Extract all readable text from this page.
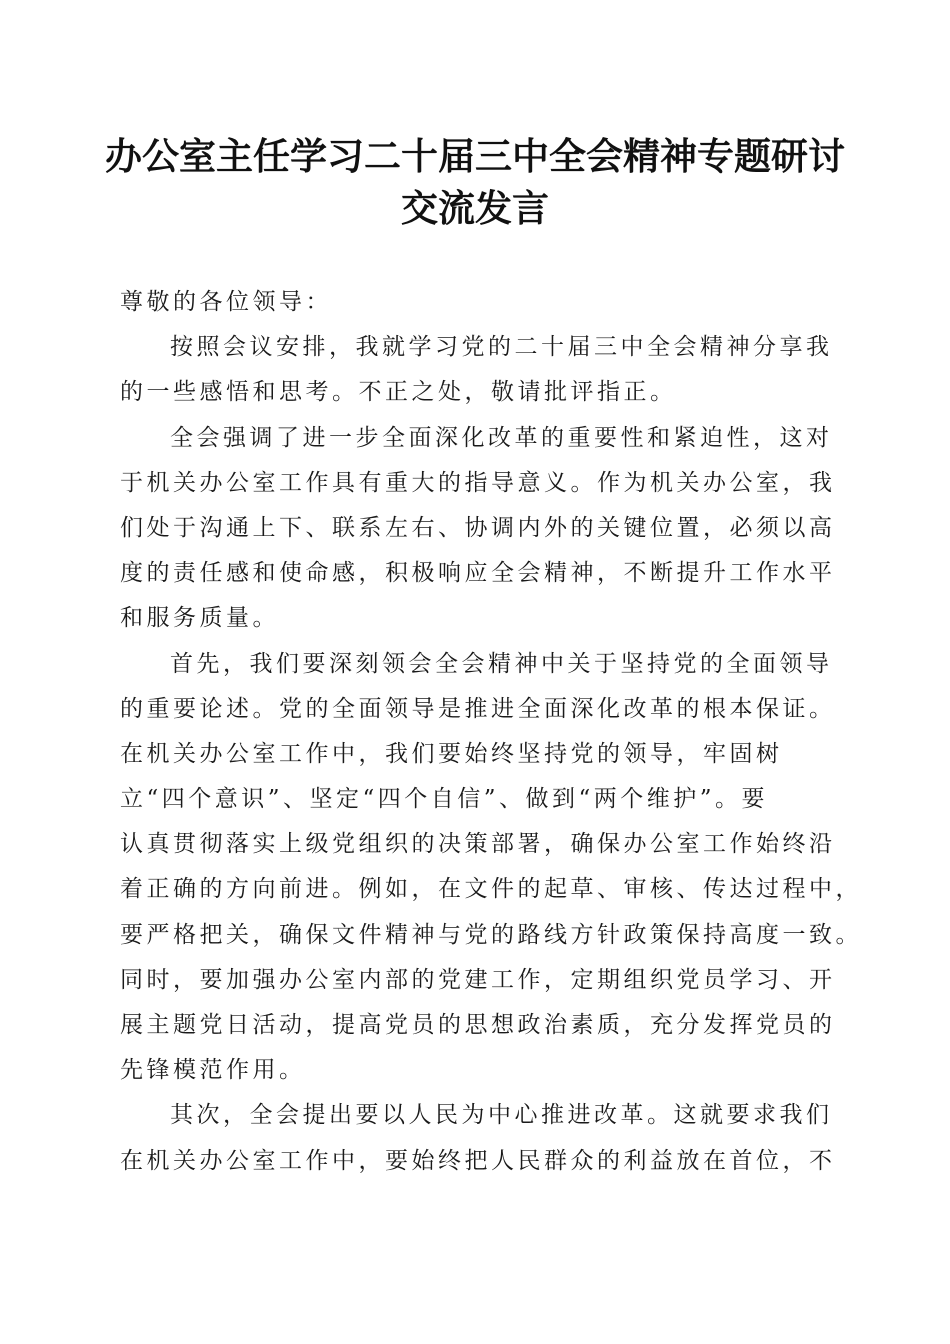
办公室主任学习二十届三中全会精神专题研讨
交流发言
尊敬的各位领导：
按照会议安排，我就学习党的二十届三中全会精神分享我
的一些感悟和思考。不正之处，敬请批评指正。
全会强调了进一步全面深化改革的重要性和紧迫性，这对
于机关办公室工作具有重大的指导意义。作为机关办公室，我
们处于沟通上下、联系左右、协调内外的关键位置，必须以高
度的责任感和使命感，积极响应全会精神，不断提升工作水平
和服务质量。
首先，我们要深刻领会全会精神中关于坚持党的全面领导
的重要论述。党的全面领导是推进全面深化改革的根本保证。
在机关办公室工作中，我们要始终坚持党的领导，牢固树
立“四个意识”、坚定“四个自信”、做到“两个维护”。要
认真贯彻落实上级党组织的决策部署，确保办公室工作始终沿
着正确的方向前进。例如，在文件的起草、审核、传达过程中，
要严格把关，确保文件精神与党的路线方针政策保持高度一致。
同时，要加强办公室内部的党建工作，定期组织党员学习、开
展主题党日活动，提高党员的思想政治素质，充分发挥党员的
先锋模范作用。
其次，全会提出要以人民为中心推进改革。这就要求我们
在机关办公室工作中，要始终把人民群众的利益放在首位，不
